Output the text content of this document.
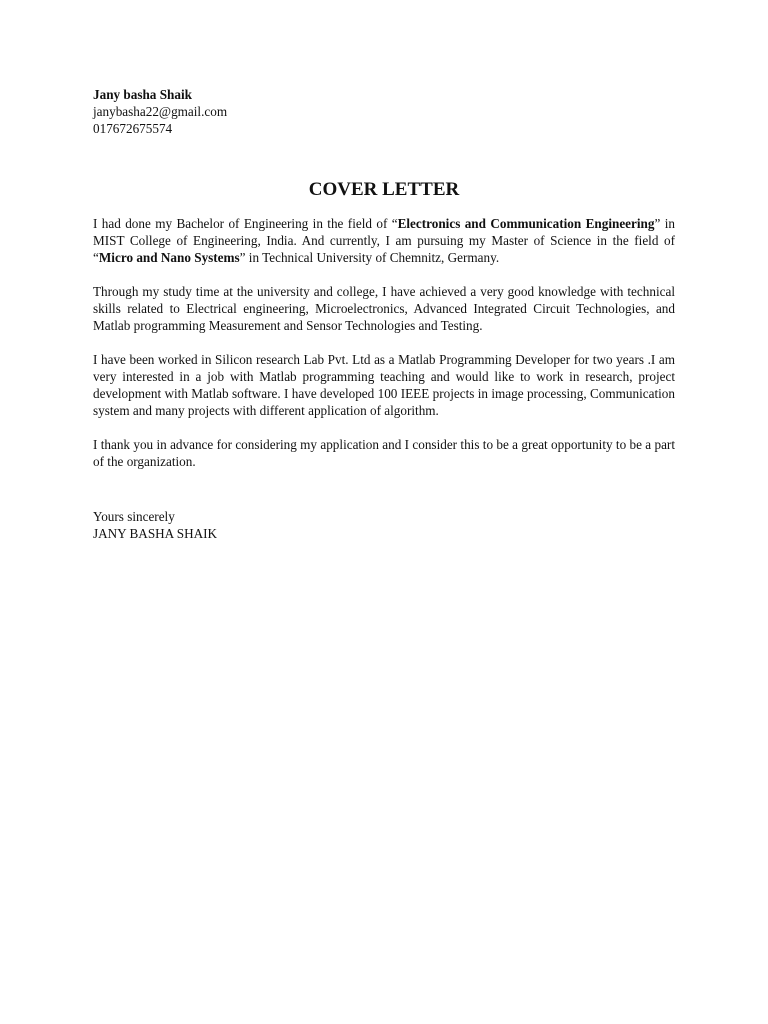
Jany basha Shaik

janybasha22@gmail.com

017672675574

COVER LETTER

I had done my Bachelor of Engineering in the field of “Electronics and Communication Engineering” in MIST College of Engineering, India. And currently, I am pursuing my Master of Science in the field of “Micro and Nano Systems” in Technical University of Chemnitz, Germany.

Through my study time at the university and college, I have achieved a very good knowledge with technical skills related to Electrical engineering, Microelectronics, Advanced Integrated Circuit Technologies, and Matlab programming Measurement and Sensor Technologies and Testing.

I have been worked in Silicon research Lab Pvt. Ltd as a Matlab Programming Developer for two years .I am very interested in a job with Matlab programming teaching and would like to work in research, project development with Matlab software. I have developed 100 IEEE projects in image processing, Communication system and many projects with different application of algorithm.

I thank you in advance for considering my application and I consider this to be a great opportunity to be a part of the organization.

Yours sincerely

JANY BASHA SHAIK
